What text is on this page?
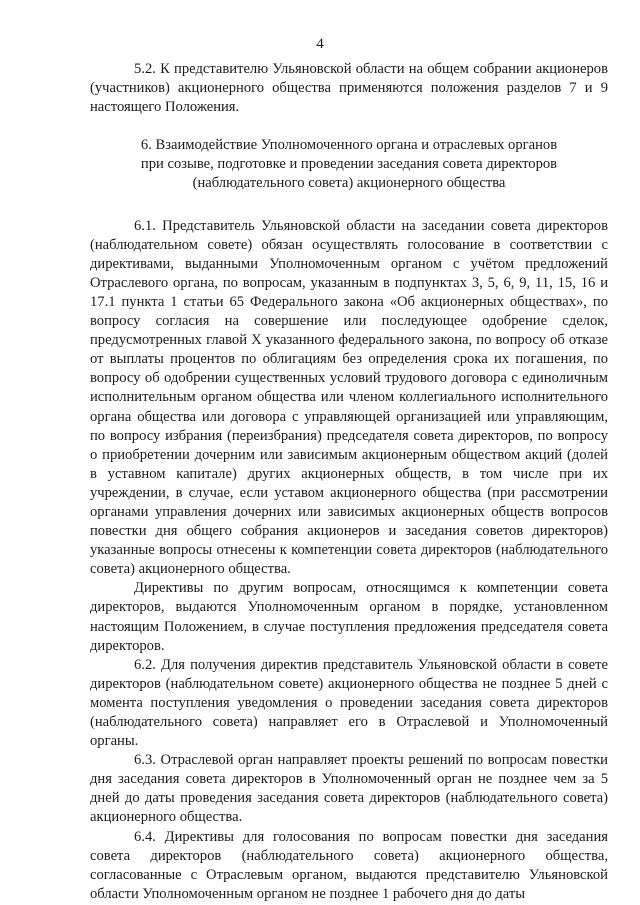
4

5.2. К представителю Ульяновской области на общем собрании акционеров (участников) акционерного общества применяются положения разделов 7 и 9 настоящего Положения.

6. Взаимодействие Уполномоченного органа и отраслевых органов
при созыве, подготовке и проведении заседания совета директоров
(наблюдательного совета) акционерного общества

6.1. Представитель Ульяновской области на заседании совета директоров (наблюдательном совете) обязан осуществлять голосование в соответствии с директивами, выданными Уполномоченным органом с учётом предложений Отраслевого органа, по вопросам, указанным в подпунктах 3, 5, 6, 9, 11, 15, 16 и 17.1 пункта 1 статьи 65 Федерального закона «Об акционерных обществах», по вопросу согласия на совершение или последующее одобрение сделок, предусмотренных главой X указанного федерального закона, по вопросу об отказе от выплаты процентов по облигациям без определения срока их погашения, по вопросу об одобрении существенных условий трудового договора с единоличным исполнительным органом общества или членом коллегиального исполнительного органа общества или договора с управляющей организацией или управляющим, по вопросу избрания (переизбрания) председателя совета директоров, по вопросу о приобретении дочерним или зависимым акционерным обществом акций (долей в уставном капитале) других акционерных обществ, в том числе при их учреждении, в случае, если уставом акционерного общества (при рассмотрении органами управления дочерних или зависимых акционерных обществ вопросов повестки дня общего собрания акционеров и заседания советов директоров) указанные вопросы отнесены к компетенции совета директоров (наблюдательного совета) акционерного общества.

Директивы по другим вопросам, относящимся к компетенции совета директоров, выдаются Уполномоченным органом в порядке, установленном настоящим Положением, в случае поступления предложения председателя совета директоров.

6.2. Для получения директив представитель Ульяновской области в совете директоров (наблюдательном совете) акционерного общества не позднее 5 дней с момента поступления уведомления о проведении заседания совета директоров (наблюдательного совета) направляет его в Отраслевой и Уполномоченный органы.

6.3. Отраслевой орган направляет проекты решений по вопросам повестки дня заседания совета директоров в Уполномоченный орган не позднее чем за 5 дней до даты проведения заседания совета директоров (наблюдательного совета) акционерного общества.

6.4. Директивы для голосования по вопросам повестки дня заседания совета директоров (наблюдательного совета) акционерного общества, согласованные с Отраслевым органом, выдаются представителю Ульяновской области Уполномоченным органом не позднее 1 рабочего дня до даты
